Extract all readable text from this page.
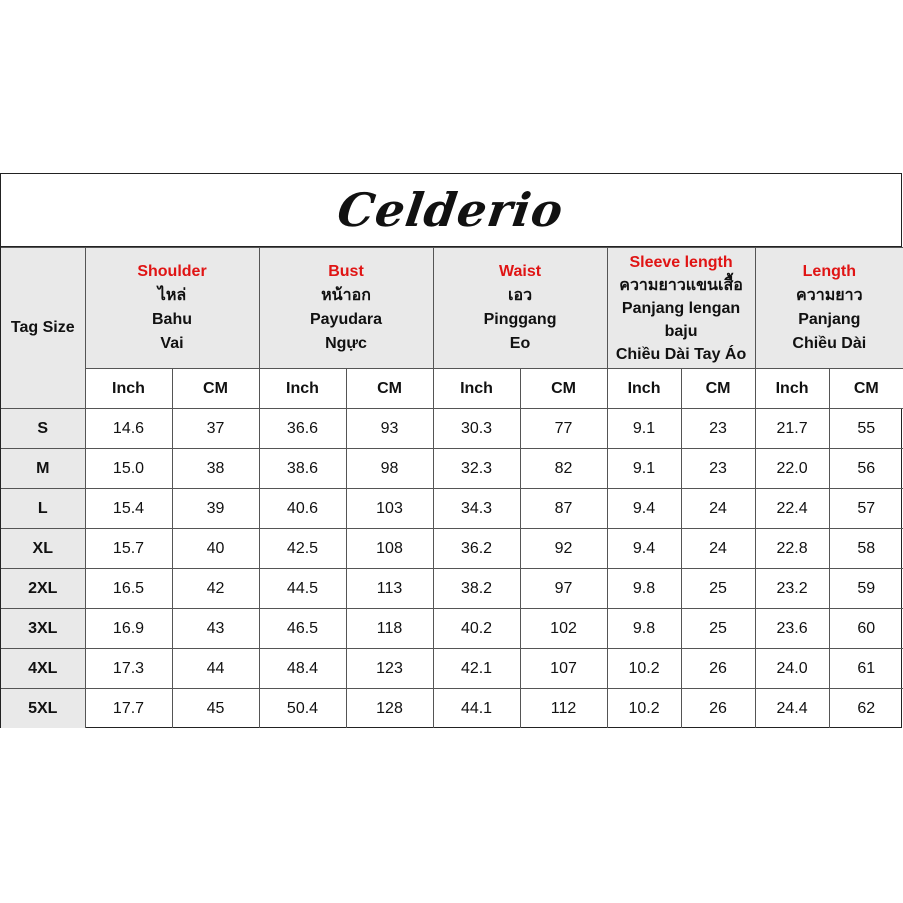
Celderio
Tag Size	Shoulder
ไหล่
Bahu
Vai		Bust
หน้าอก
Payudara
Ngực		Waist
เอว
Pinggang
Eo		Sleeve length
ความยาวแขนเสื้อ
Panjang lengan baju
Chiều Dài Tay Áo		Length
ความยาว
Panjang
Chiều Dài	

	Inch	CM	Inch	CM	Inch	CM	Inch	CM	Inch	CM
S	14.6	37	36.6	93	30.3	77	9.1	23	21.7	55
M	15.0	38	38.6	98	32.3	82	9.1	23	22.0	56
L	15.4	39	40.6	103	34.3	87	9.4	24	22.4	57
XL	15.7	40	42.5	108	36.2	92	9.4	24	22.8	58
2XL	16.5	42	44.5	113	38.2	97	9.8	25	23.2	59
3XL	16.9	43	46.5	118	40.2	102	9.8	25	23.6	60
4XL	17.3	44	48.4	123	42.1	107	10.2	26	24.0	61
5XL	17.7	45	50.4	128	44.1	112	10.2	26	24.4	62
